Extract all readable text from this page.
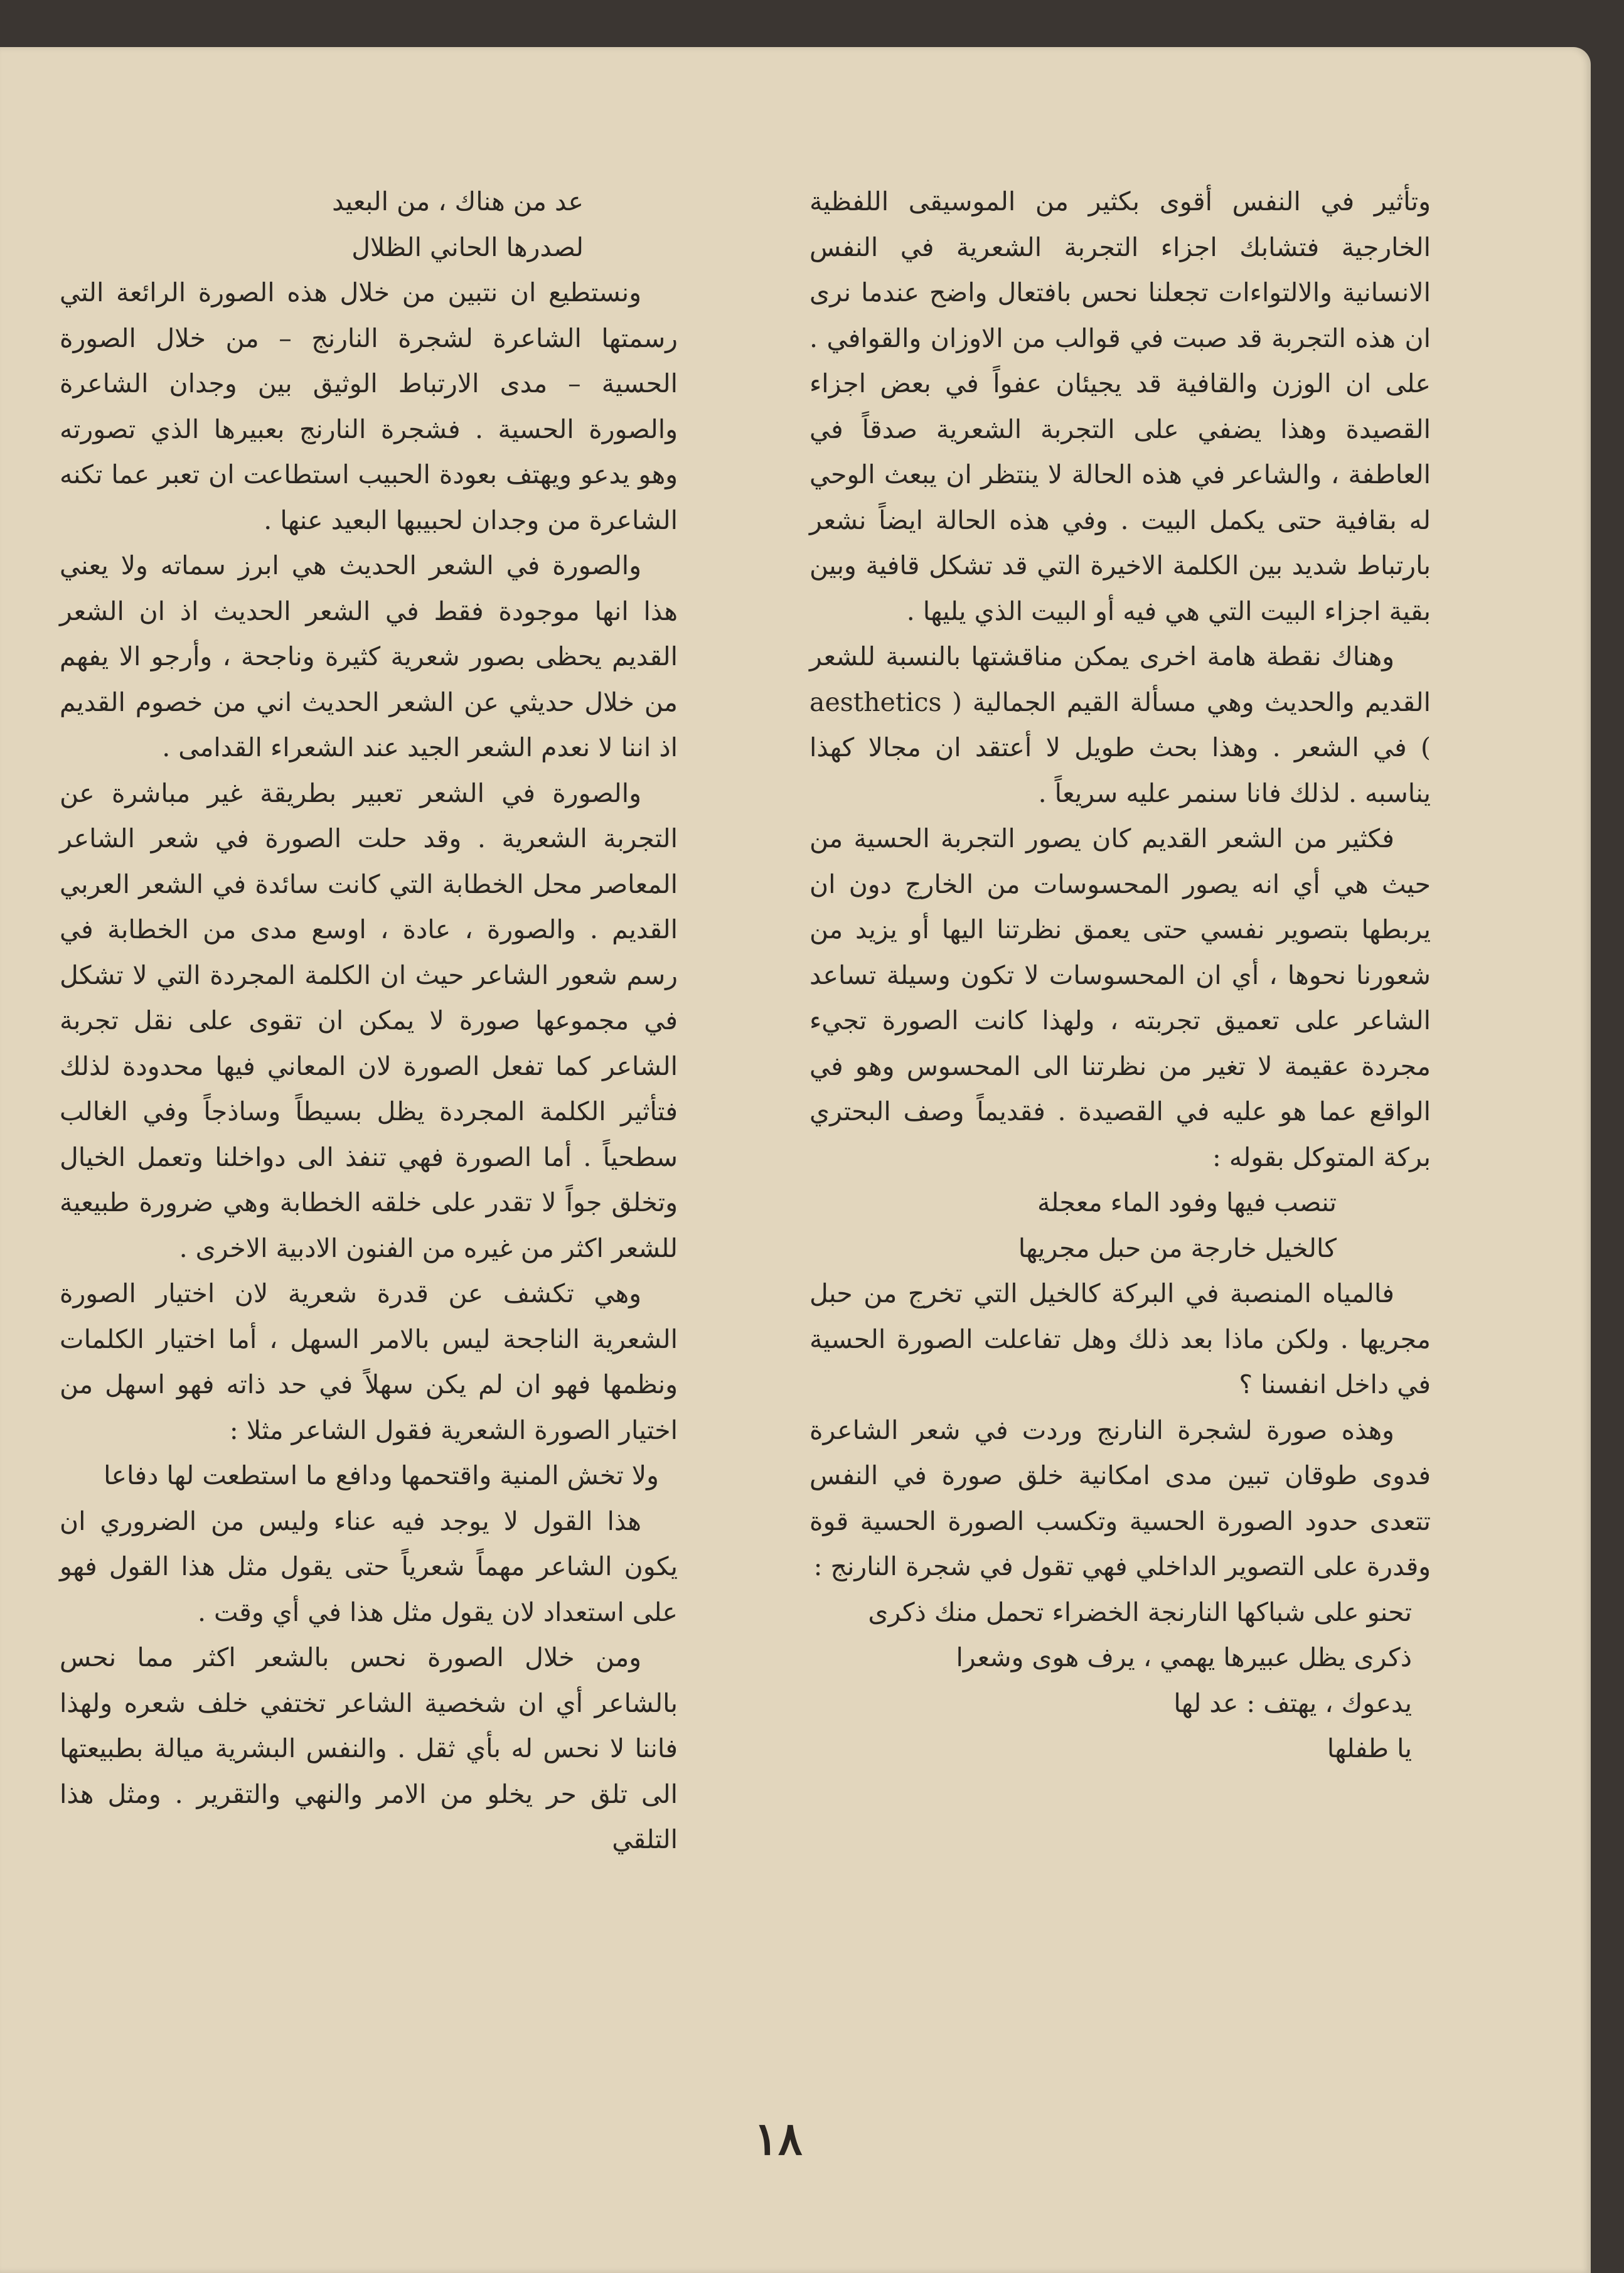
وتأثير في النفس أقوى بكثير من الموسيقى اللفظية الخارجية فتشابك اجزاء التجربة الشعرية في النفس الانسانية والالتواءات تجعلنا نحس بافتعال واضح عندما نرى ان هذه التجربة قد صبت في قوالب من الاوزان والقوافي . على ان الوزن والقافية قد يجيئان عفواً في بعض اجزاء القصيدة وهذا يضفي على التجربة الشعرية صدقاً في العاطفة ، والشاعر في هذه الحالة لا ينتظر ان يبعث الوحي له بقافية حتى يكمل البيت . وفي هذه الحالة ايضاً نشعر بارتباط شديد بين الكلمة الاخيرة التي قد تشكل قافية وبين بقية اجزاء البيت التي هي فيه أو البيت الذي يليها .

وهناك نقطة هامة اخرى يمكن مناقشتها بالنسبة للشعر القديم والحديث وهي مسألة القيم الجمالية ( aesthetics ) في الشعر . وهذا بحث طويل لا أعتقد ان مجالا كهذا يناسبه . لذلك فانا سنمر عليه سريعاً .

فكثير من الشعر القديم كان يصور التجربة الحسية من حيث هي أي انه يصور المحسوسات من الخارج دون ان يربطها بتصوير نفسي حتى يعمق نظرتنا اليها أو يزيد من شعورنا نحوها ، أي ان المحسوسات لا تكون وسيلة تساعد الشاعر على تعميق تجربته ، ولهذا كانت الصورة تجيء مجردة عقيمة لا تغير من نظرتنا الى المحسوس وهو في الواقع عما هو عليه في القصيدة . فقديماً وصف البحتري بركة المتوكل بقوله :

تنصب فيها وفود الماء معجلة

كالخيل خارجة من حبل مجريها

فالمياه المنصبة في البركة كالخيل التي تخرج من حبل مجريها . ولكن ماذا بعد ذلك وهل تفاعلت الصورة الحسية في داخل انفسنا ؟

وهذه صورة لشجرة النارنج وردت في شعر الشاعرة فدوى طوقان تبين مدى امكانية خلق صورة في النفس تتعدى حدود الصورة الحسية وتكسب الصورة الحسية قوة وقدرة على التصوير الداخلي فهي تقول في شجرة النارنج :

تحنو على شباكها النارنجة الخضراء تحمل منك ذكرى

ذكرى يظل عبيرها يهمي ، يرف هوى وشعرا

يدعوك ، يهتف : عد لها

يا طفلها

عد من هناك ، من البعيد

لصدرها الحاني الظلال

ونستطيع ان نتبين من خلال هذه الصورة الرائعة التي رسمتها الشاعرة لشجرة النارنج – من خلال الصورة الحسية – مدى الارتباط الوثيق بين وجدان الشاعرة والصورة الحسية . فشجرة النارنج بعبيرها الذي تصورته وهو يدعو ويهتف بعودة الحبيب استطاعت ان تعبر عما تكنه الشاعرة من وجدان لحبيبها البعيد عنها .

والصورة في الشعر الحديث هي ابرز سماته ولا يعني هذا انها موجودة فقط في الشعر الحديث اذ ان الشعر القديم يحظى بصور شعرية كثيرة وناجحة ، وأرجو الا يفهم من خلال حديثي عن الشعر الحديث اني من خصوم القديم اذ اننا لا نعدم الشعر الجيد عند الشعراء القدامى .

والصورة في الشعر تعبير بطريقة غير مباشرة عن التجربة الشعرية . وقد حلت الصورة في شعر الشاعر المعاصر محل الخطابة التي كانت سائدة في الشعر العربي القديم . والصورة ، عادة ، اوسع مدى من الخطابة في رسم شعور الشاعر حيث ان الكلمة المجردة التي لا تشكل في مجموعها صورة لا يمكن ان تقوى على نقل تجربة الشاعر كما تفعل الصورة لان المعاني فيها محدودة لذلك فتأثير الكلمة المجردة يظل بسيطاً وساذجاً وفي الغالب سطحياً . أما الصورة فهي تنفذ الى دواخلنا وتعمل الخيال وتخلق جواً لا تقدر على خلقه الخطابة وهي ضرورة طبيعية للشعر اكثر من غيره من الفنون الادبية الاخرى .

وهي تكشف عن قدرة شعرية لان اختيار الصورة الشعرية الناجحة ليس بالامر السهل ، أما اختيار الكلمات ونظمها فهو ان لم يكن سهلاً في حد ذاته فهو اسهل من اختيار الصورة الشعرية فقول الشاعر مثلا :

ولا تخش المنية واقتحمها ودافع ما استطعت لها دفاعا

هذا القول لا يوجد فيه عناء وليس من الضروري ان يكون الشاعر مهماً شعرياً حتى يقول مثل هذا القول فهو على استعداد لان يقول مثل هذا في أي وقت .

ومن خلال الصورة نحس بالشعر اكثر مما نحس بالشاعر أي ان شخصية الشاعر تختفي خلف شعره ولهذا فاننا لا نحس له بأي ثقل . والنفس البشرية ميالة بطبيعتها الى تلق حر يخلو من الامر والنهي والتقرير . ومثل هذا التلقي

١٨
